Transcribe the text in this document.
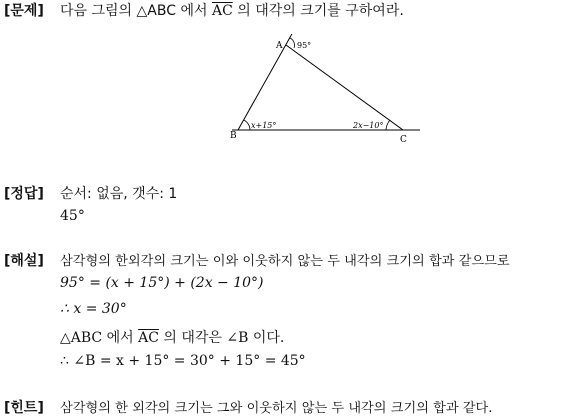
[문제] 다음 그림의 △ABC 에서 $\overline{AC}$ 의 대각의 크기를 구하여라.
A 95°
B
x+15°
C
2x−10°
[정답] 순서: 없음, 갯수: 1
45°
[해설] 삼각형의 한외각의 크기는 이와 이웃하지 않는 두 내각의 크기의 합과 같으므로
95° = (x + 15°) + (2x − 10°)
∴ x = 30°
△ABC 에서 $\overline{AC}$ 의 대각은 ∠B 이다.
∴ ∠B = x + 15° = 30° + 15° = 45°
[힌트] 삼각형의 한 외각의 크기는 그와 이웃하지 않는 두 내각의 크기의 합과 같다.
